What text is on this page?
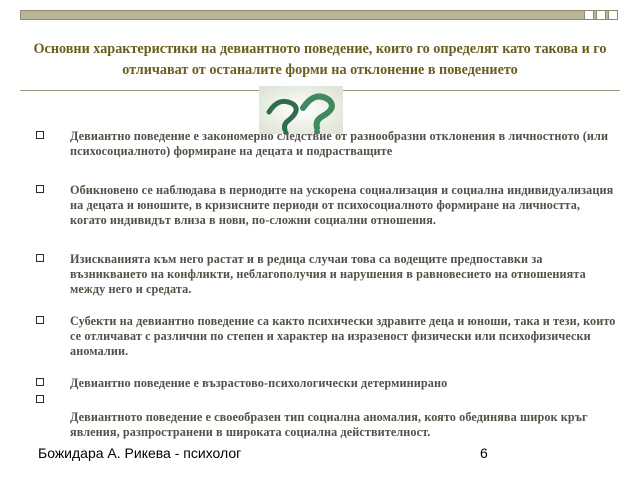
Основни характеристики на девиантното поведение, които го определят като такова и го отличават от останалите форми на отклонение в поведението
Девиантно поведение е закономерно следствие от разнообразни отклонения в личностното (или психосоциалното) формиране на децата и подрастващите
Обикновено се наблюдава в периодите на ускорена социализация и социална индивидуализация на децата и юношите, в кризисните периоди от психосоциалното формиране на личността, когато индивидът влиза в нови, по-сложни социални отношения.
Изискванията към него растат и в редица случаи това са водещите предпоставки за възникването на конфликти, неблагополучия и нарушения в равновесието на отношенията между него и средата.
Субекти на девиантно поведение са както психически здравите деца и юноши, така и тези, които се отличават с различни по степен и характер на изразеност физически или психофизически аномалии.
Девиантно поведение е възрастово-психологически детерминирано
Девиантното поведение е своеобразен тип социална аномалия, която обединява широк кръг явления, разпространени в широката социална действителност.
Божидара А. Рикева - психолог	6
